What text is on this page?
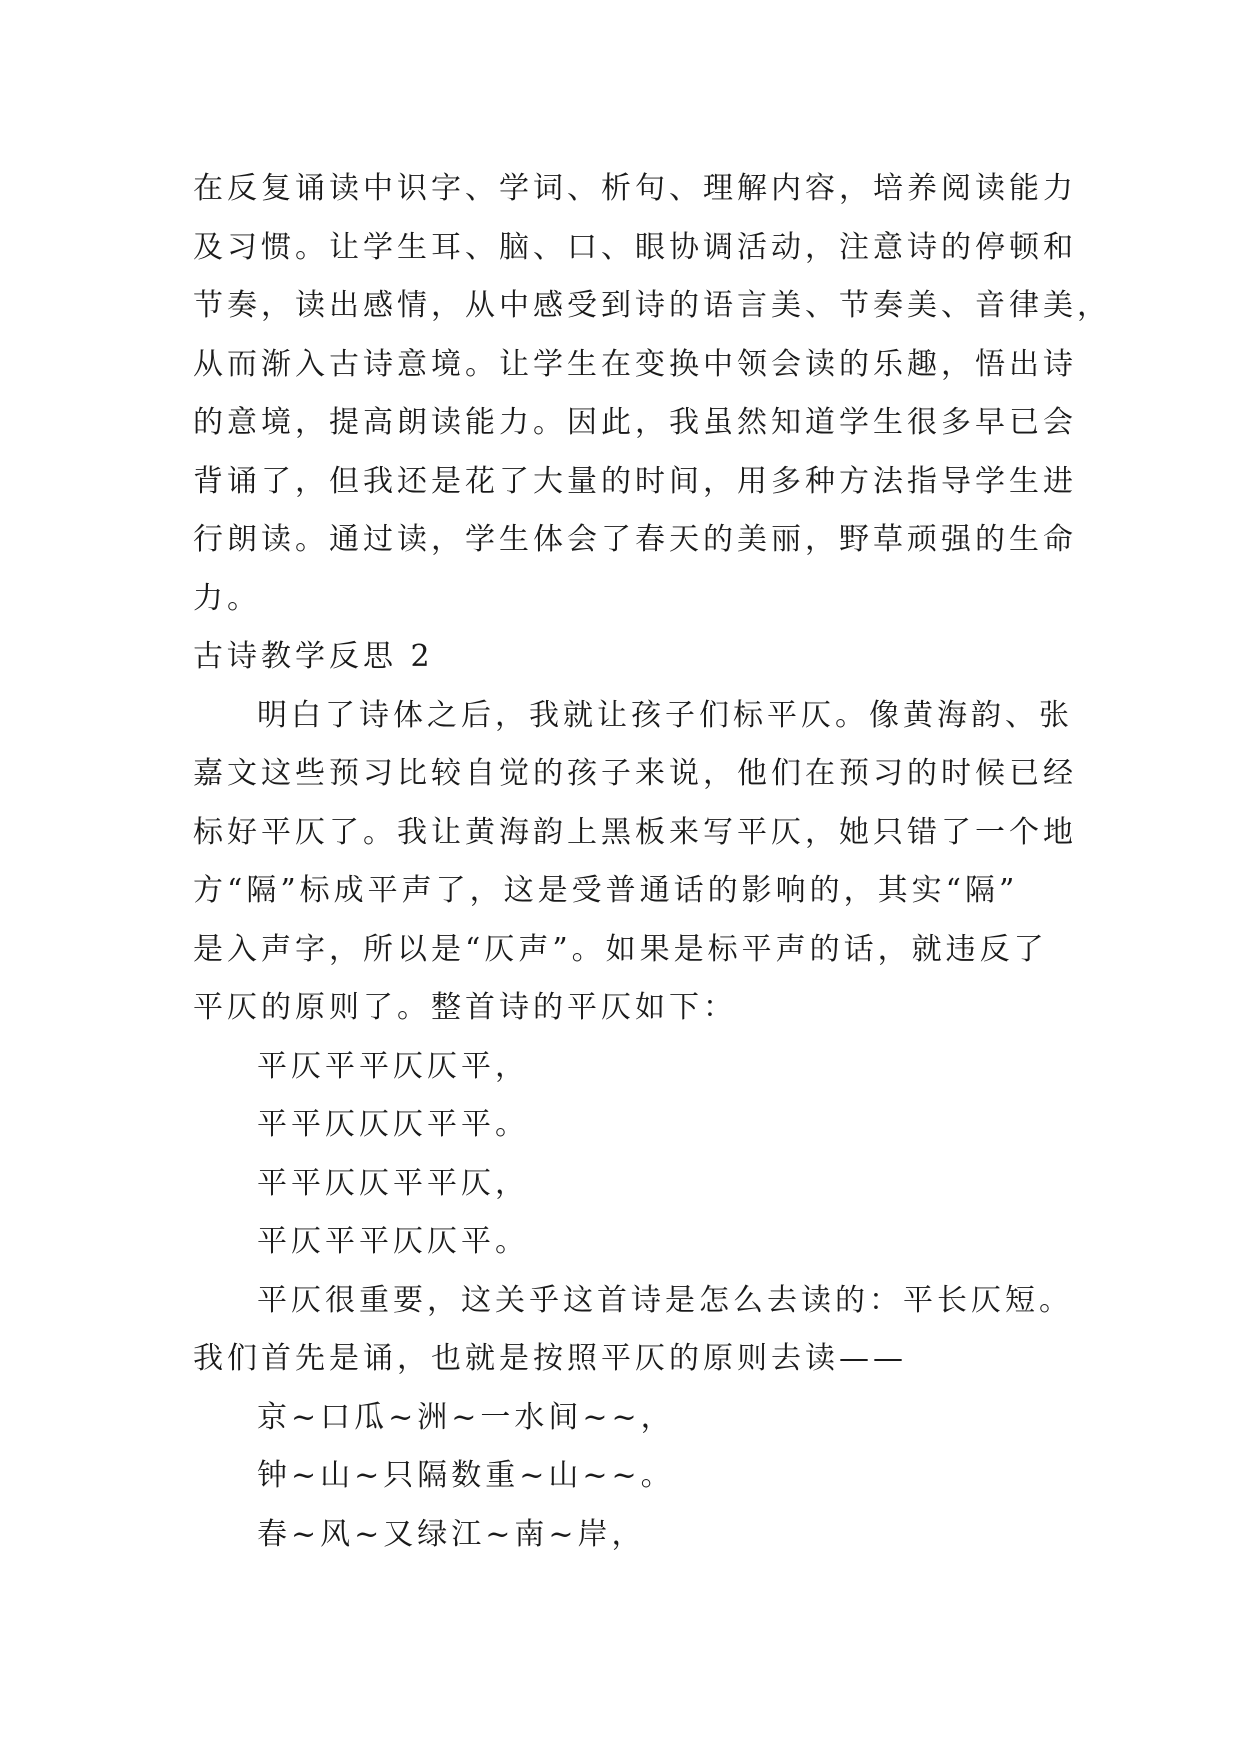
在反复诵读中识字、学词、析句、理解内容，培养阅读能力
及习惯。让学生耳、脑、口、眼协调活动，注意诗的停顿和
节奏，读出感情，从中感受到诗的语言美、节奏美、音律美，
从而渐入古诗意境。让学生在变换中领会读的乐趣，悟出诗
的意境，提高朗读能力。因此，我虽然知道学生很多早已会
背诵了，但我还是花了大量的时间，用多种方法指导学生进
行朗读。通过读，学生体会了春天的美丽，野草顽强的生命
力。
古诗教学反思 2
明白了诗体之后，我就让孩子们标平仄。像黄海韵、张
嘉文这些预习比较自觉的孩子来说，他们在预习的时候已经
标好平仄了。我让黄海韵上黑板来写平仄，她只错了一个地
方“隔”标成平声了，这是受普通话的影响的，其实“隔”
是入声字，所以是“仄声”。如果是标平声的话，就违反了
平仄的原则了。整首诗的平仄如下：
平仄平平仄仄平，
平平仄仄仄平平。
平平仄仄平平仄，
平仄平平仄仄平。
平仄很重要，这关乎这首诗是怎么去读的：平长仄短。
我们首先是诵，也就是按照平仄的原则去读——
京~口瓜~洲~一水间~~，
钟~山~只隔数重~山~~。
春~风~又绿江~南~岸，
